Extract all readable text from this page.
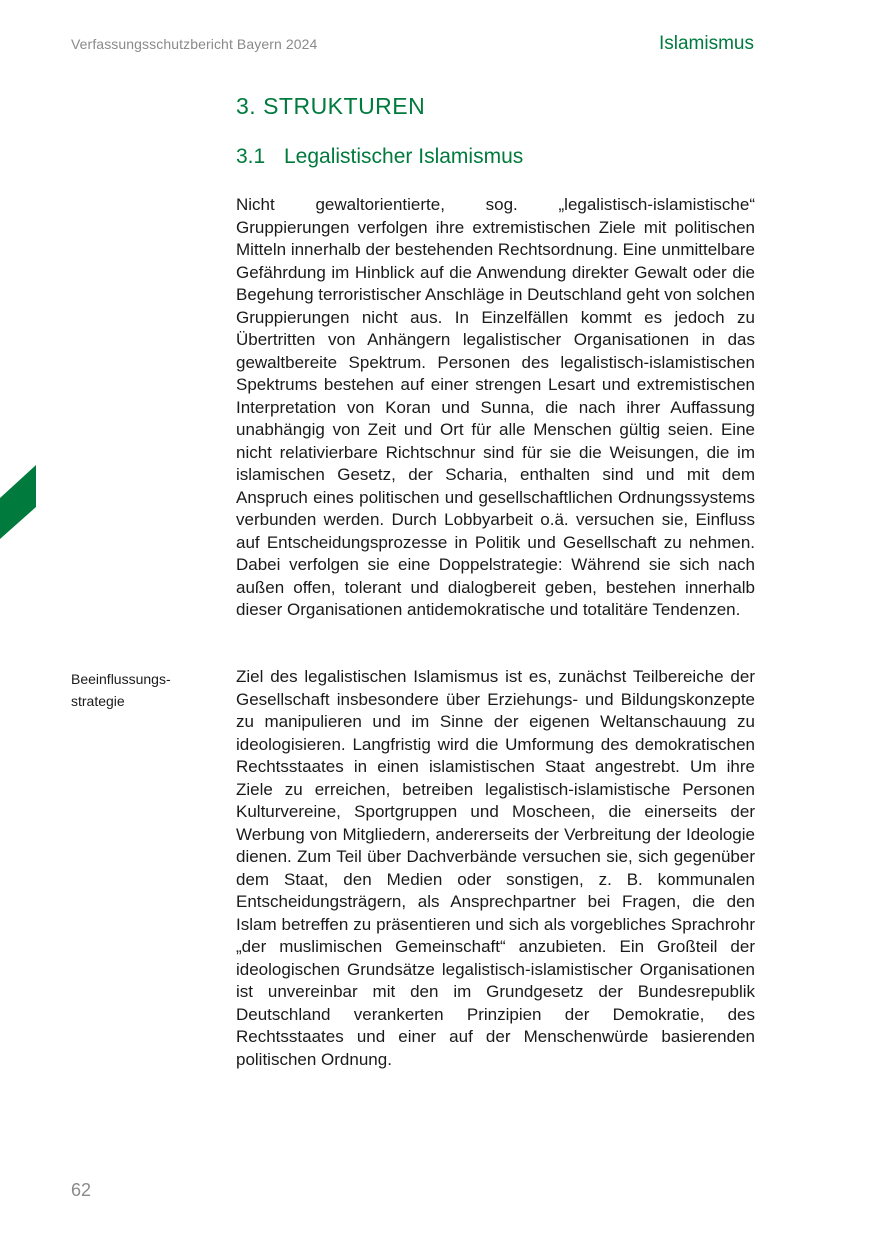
Verfassungsschutzbericht Bayern 2024	Islamismus
3. STRUKTUREN
3.1 Legalistischer Islamismus

Nicht gewaltorientierte, sog. „legalistisch-islamistische“ Gruppierungen verfolgen ihre extremistischen Ziele mit politischen Mitteln innerhalb der bestehenden Rechtsordnung. Eine unmittelbare Gefährdung im Hinblick auf die Anwendung direkter Gewalt oder die Begehung terroristischer Anschläge in Deutschland geht von solchen Gruppierungen nicht aus. In Einzelfällen kommt es jedoch zu Übertritten von Anhängern legalistischer Organisationen in das gewaltbereite Spektrum. Personen des legalistisch-islamistischen Spektrums bestehen auf einer strengen Lesart und extremistischen Interpretation von Koran und Sunna, die nach ihrer Auffassung unabhängig von Zeit und Ort für alle Menschen gültig seien. Eine nicht relativierbare Richtschnur sind für sie die Weisungen, die im islamischen Gesetz, der Scharia, enthalten sind und mit dem Anspruch eines politischen und gesellschaftlichen Ordnungssystems verbunden werden. Durch Lobbyarbeit o.ä. versuchen sie, Einfluss auf Entscheidungsprozesse in Politik und Gesellschaft zu nehmen. Dabei verfolgen sie eine Doppelstrategie: Während sie sich nach außen offen, tolerant und dialogbereit geben, bestehen innerhalb dieser Organisationen antidemokratische und totalitäre Tendenzen.

Beeinflussungs-
strategie

Ziel des legalistischen Islamismus ist es, zunächst Teilbereiche der Gesellschaft insbesondere über Erziehungs- und Bildungskonzepte zu manipulieren und im Sinne der eigenen Weltanschauung zu ideologisieren. Langfristig wird die Umformung des demokratischen Rechtsstaates in einen islamistischen Staat angestrebt. Um ihre Ziele zu erreichen, betreiben legalistisch-islamistische Personen Kulturvereine, Sportgruppen und Moscheen, die einerseits der Werbung von Mitgliedern, andererseits der Verbreitung der Ideologie dienen. Zum Teil über Dachverbände versuchen sie, sich gegenüber dem Staat, den Medien oder sonstigen, z. B. kommunalen Entscheidungsträgern, als Ansprechpartner bei Fragen, die den Islam betreffen zu präsentieren und sich als vorgebliches Sprachrohr „der muslimischen Gemeinschaft“ anzubieten. Ein Großteil der ideologischen Grundsätze legalistisch-islamistischer Organisationen ist unvereinbar mit den im Grundgesetz der Bundesrepublik Deutschland verankerten Prinzipien der Demokratie, des Rechtsstaates und einer auf der Menschenwürde basierenden politischen Ordnung.

62
